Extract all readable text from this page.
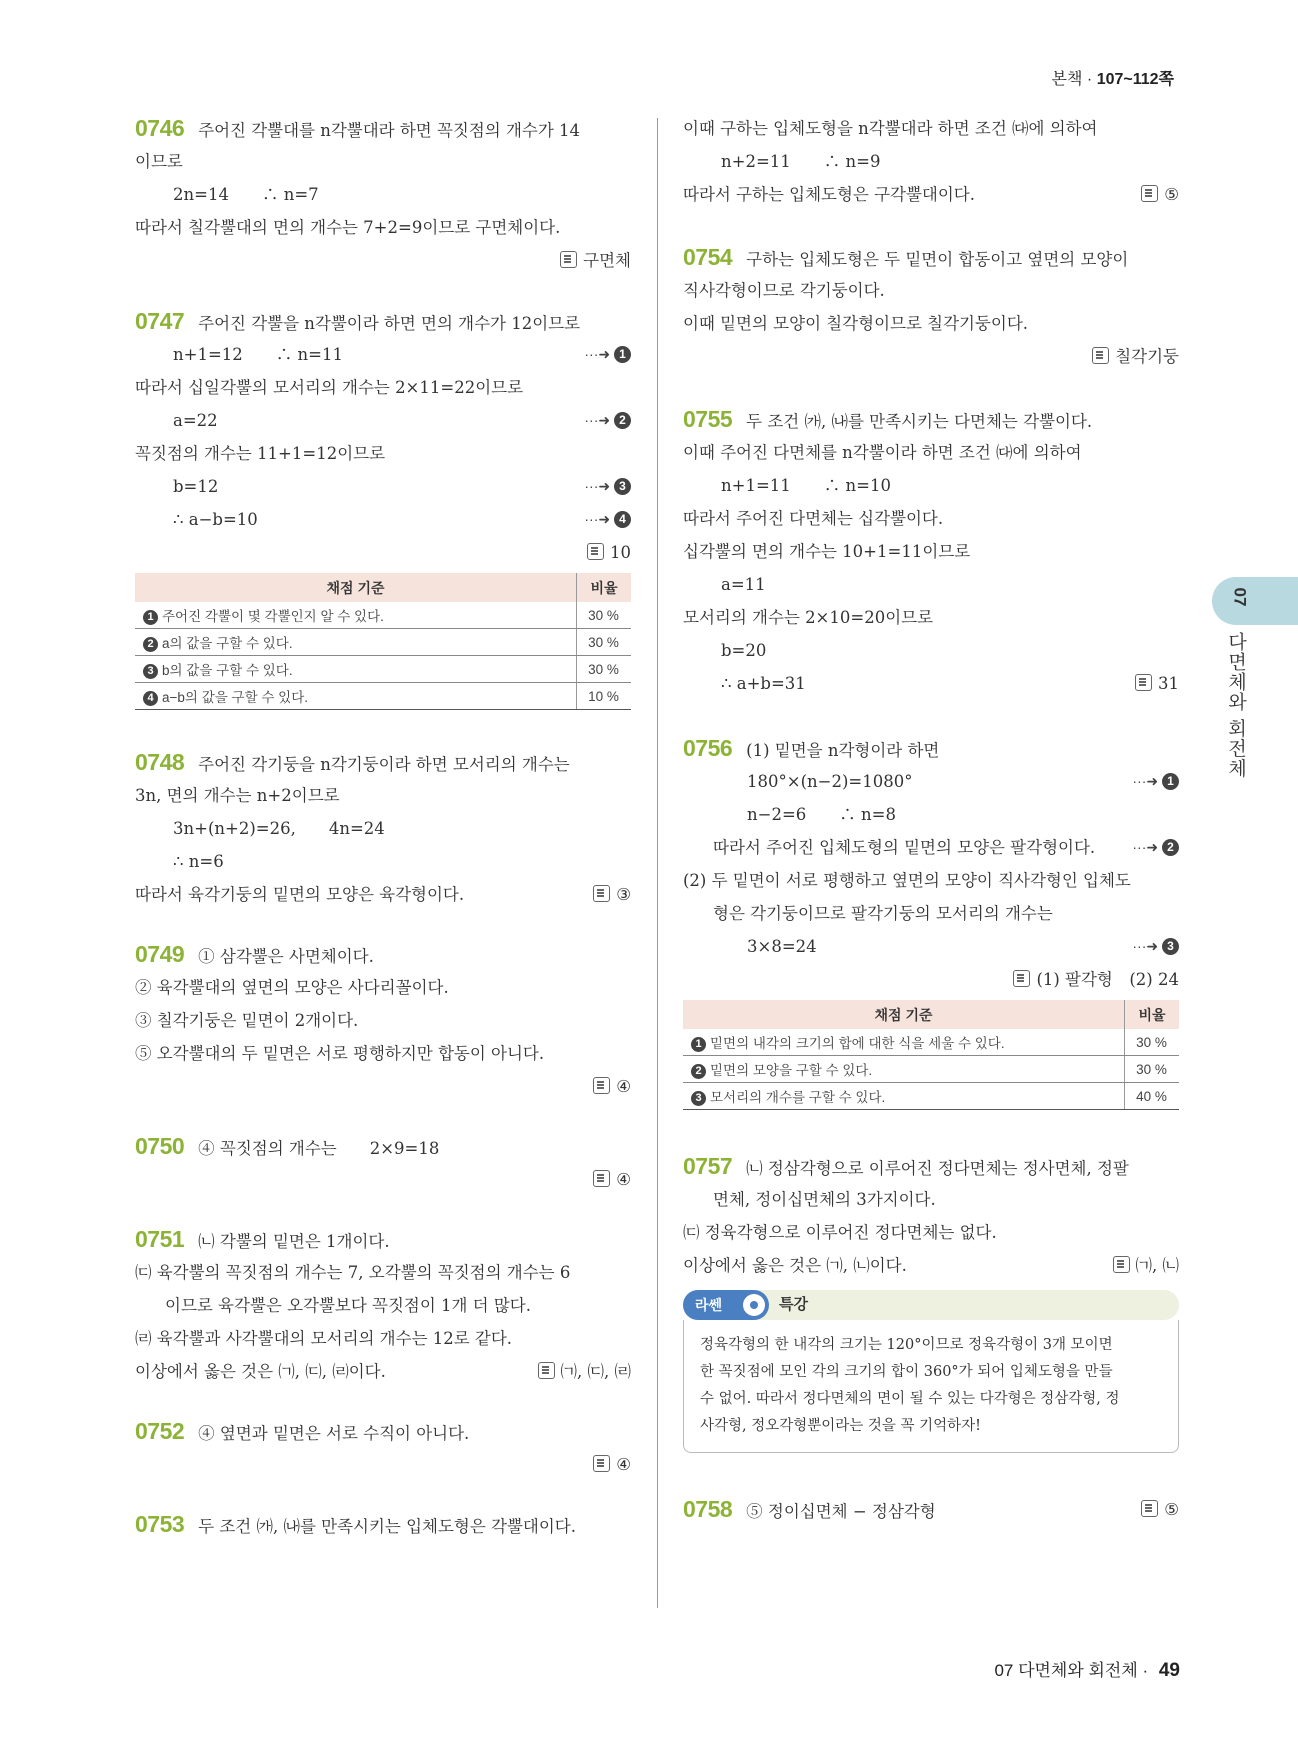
본책 · 107~112쪽
07
다면체와 회전체
0746 주어진 각뿔대를 n각뿔대라 하면 꼭짓점의 개수가 14
이므로
2n=14　　∴ n=7
따라서 칠각뿔대의 면의 개수는 7+2=9이므로 구면체이다.
구면체
0747 주어진 각뿔을 n각뿔이라 하면 면의 개수가 12이므로
n+1=12　　∴ n=11	···➜ 1
따라서 십일각뿔의 모서리의 개수는 2×11=22이므로
a=22	···➜ 2
꼭짓점의 개수는 11+1=12이므로
b=12	···➜ 3
∴ a−b=10	···➜ 4
10
채점 기준	비율
1 주어진 각뿔이 몇 각뿔인지 알 수 있다.	30 %
2 a의 값을 구할 수 있다.	30 %
3 b의 값을 구할 수 있다.	30 %
4 a−b의 값을 구할 수 있다.	10 %
0748 주어진 각기둥을 n각기둥이라 하면 모서리의 개수는
3n, 면의 개수는 n+2이므로
3n+(n+2)=26,　　4n=24
∴ n=6
따라서 육각기둥의 밑면의 모양은 육각형이다.	③
0749 ① 삼각뿔은 사면체이다.
② 육각뿔대의 옆면의 모양은 사다리꼴이다.
③ 칠각기둥은 밑면이 2개이다.
⑤ 오각뿔대의 두 밑면은 서로 평행하지만 합동이 아니다.
④
0750 ④ 꼭짓점의 개수는　　2×9=18
④
0751 ㈁ 각뿔의 밑면은 1개이다.
㈂ 육각뿔의 꼭짓점의 개수는 7, 오각뿔의 꼭짓점의 개수는 6
이므로 육각뿔은 오각뿔보다 꼭짓점이 1개 더 많다.
㈃ 육각뿔과 사각뿔대의 모서리의 개수는 12로 같다.
이상에서 옳은 것은 ㈀, ㈂, ㈃이다.	㈀, ㈂, ㈃
0752 ④ 옆면과 밑면은 서로 수직이 아니다.
④
0753 두 조건 ㈎, ㈏를 만족시키는 입체도형은 각뿔대이다.
이때 구하는 입체도형을 n각뿔대라 하면 조건 ㈐에 의하여
n+2=11　　∴ n=9
따라서 구하는 입체도형은 구각뿔대이다.	⑤
0754 구하는 입체도형은 두 밑면이 합동이고 옆면의 모양이
직사각형이므로 각기둥이다.
이때 밑면의 모양이 칠각형이므로 칠각기둥이다.
칠각기둥
0755 두 조건 ㈎, ㈏를 만족시키는 다면체는 각뿔이다.
이때 주어진 다면체를 n각뿔이라 하면 조건 ㈐에 의하여
n+1=11　　∴ n=10
따라서 주어진 다면체는 십각뿔이다.
십각뿔의 면의 개수는 10+1=11이므로
a=11
모서리의 개수는 2×10=20이므로
b=20
∴ a+b=31	31
0756 (1) 밑면을 n각형이라 하면
180°×(n−2)=1080°	···➜ 1
n−2=6　　∴ n=8
따라서 주어진 입체도형의 밑면의 모양은 팔각형이다.	···➜ 2
(2) 두 밑면이 서로 평행하고 옆면의 모양이 직사각형인 입체도
형은 각기둥이므로 팔각기둥의 모서리의 개수는
3×8=24	···➜ 3
(1) 팔각형　(2) 24
채점 기준	비율
1 밑면의 내각의 크기의 합에 대한 식을 세울 수 있다.	30 %
2 밑면의 모양을 구할 수 있다.	30 %
3 모서리의 개수를 구할 수 있다.	40 %
0757 ㈁ 정삼각형으로 이루어진 정다면체는 정사면체, 정팔
면체, 정이십면체의 3가지이다.
㈂ 정육각형으로 이루어진 정다면체는 없다.
이상에서 옳은 것은 ㈀, ㈁이다.	㈀, ㈁
라쎈	특강
정육각형의 한 내각의 크기는 120°이므로 정육각형이 3개 모이면
한 꼭짓점에 모인 각의 크기의 합이 360°가 되어 입체도형을 만들
수 없어. 따라서 정다면체의 면이 될 수 있는 다각형은 정삼각형, 정
사각형, 정오각형뿐이라는 것을 꼭 기억하자!
0758 ⑤ 정이십면체 − 정삼각형	⑤
07 다면체와 회전체 · 49
